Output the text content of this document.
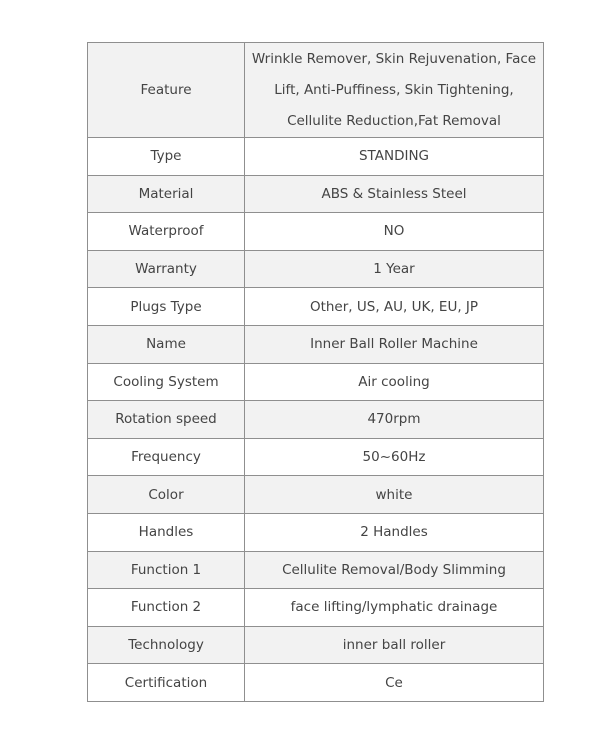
Feature	Wrinkle Remover, Skin Rejuvenation, Face Lift, Anti-Puffiness, Skin Tightening, Cellulite Reduction,Fat Removal
Type	STANDING
Material	ABS & Stainless Steel
Waterproof	NO
Warranty	1 Year
Plugs Type	Other, US, AU, UK, EU, JP
Name	Inner Ball Roller Machine
Cooling System	Air cooling
Rotation speed	470rpm
Frequency	50~60Hz
Color	white
Handles	2 Handles
Function 1	Cellulite Removal/Body Slimming
Function 2	face lifting/lymphatic drainage
Technology	inner ball roller
Certification	Ce
